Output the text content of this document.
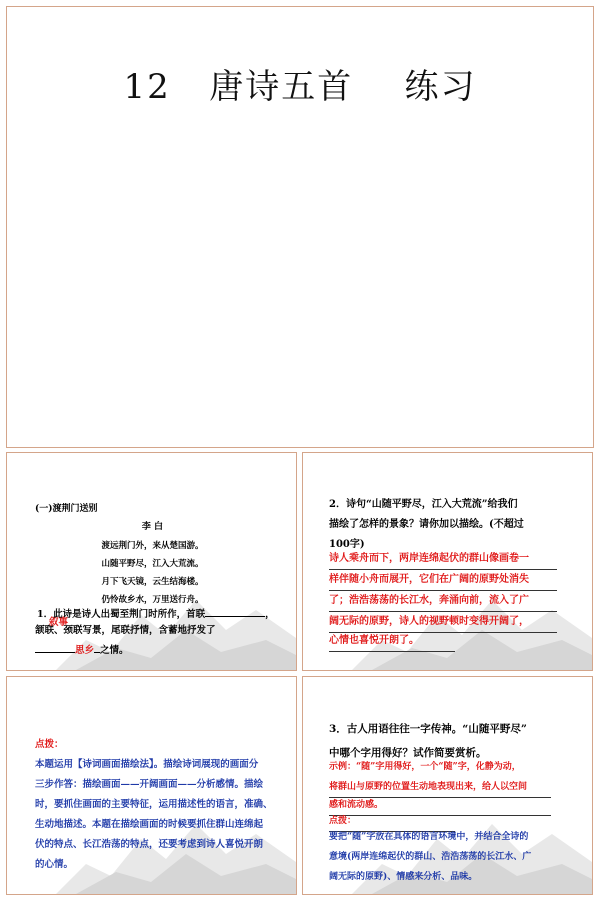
12   唐诗五首    练习
(一)渡荆门送别
李 白
渡远荆门外，来从楚国游。
山随平野尽，江入大荒流。
月下飞天镜，云生结海楼。
仍怜故乡水，万里送行舟。
1．此诗是诗人出蜀至荆门时所作，首联	，
颔联、颈联写景，尾联抒情，含蓄地抒发了
叙事
思乡 之情。
2．诗句“山随平野尽，江入大荒流”给我们
描绘了怎样的景象？请你加以描绘。(不超过
100字)
诗人乘舟而下，两岸连绵起伏的群山像画卷一
样伴随小舟而展开，它们在广阔的原野处消失
了；浩浩荡荡的长江水，奔涌向前，流入了广
阔无际的原野，诗人的视野顿时变得开阔了，
心情也喜悦开朗了。
点拨：
本题运用【诗词画面描绘法】。描绘诗词展现的画面分
三步作答：描绘画面——开阔画面——分析感情。描绘
时，要抓住画面的主要特征，运用描述性的语言，准确、
生动地描述。本题在描绘画面的时候要抓住群山连绵起
伏的特点、长江浩荡的特点，还要考虑到诗人喜悦开朗
的心情。
3．古人用语往往一字传神。“山随平野尽”
中哪个字用得好？试作简要赏析。
示例：“随”字用得好，一个“随”字，化静为动，
将群山与原野的位置生动地表现出来，给人以空间
感和流动感。
点拨：
要把“随”字放在具体的语言环境中，并结合全诗的
意境(两岸连绵起伏的群山、浩浩荡荡的长江水、广
阔无际的原野)、情感来分析、品味。
